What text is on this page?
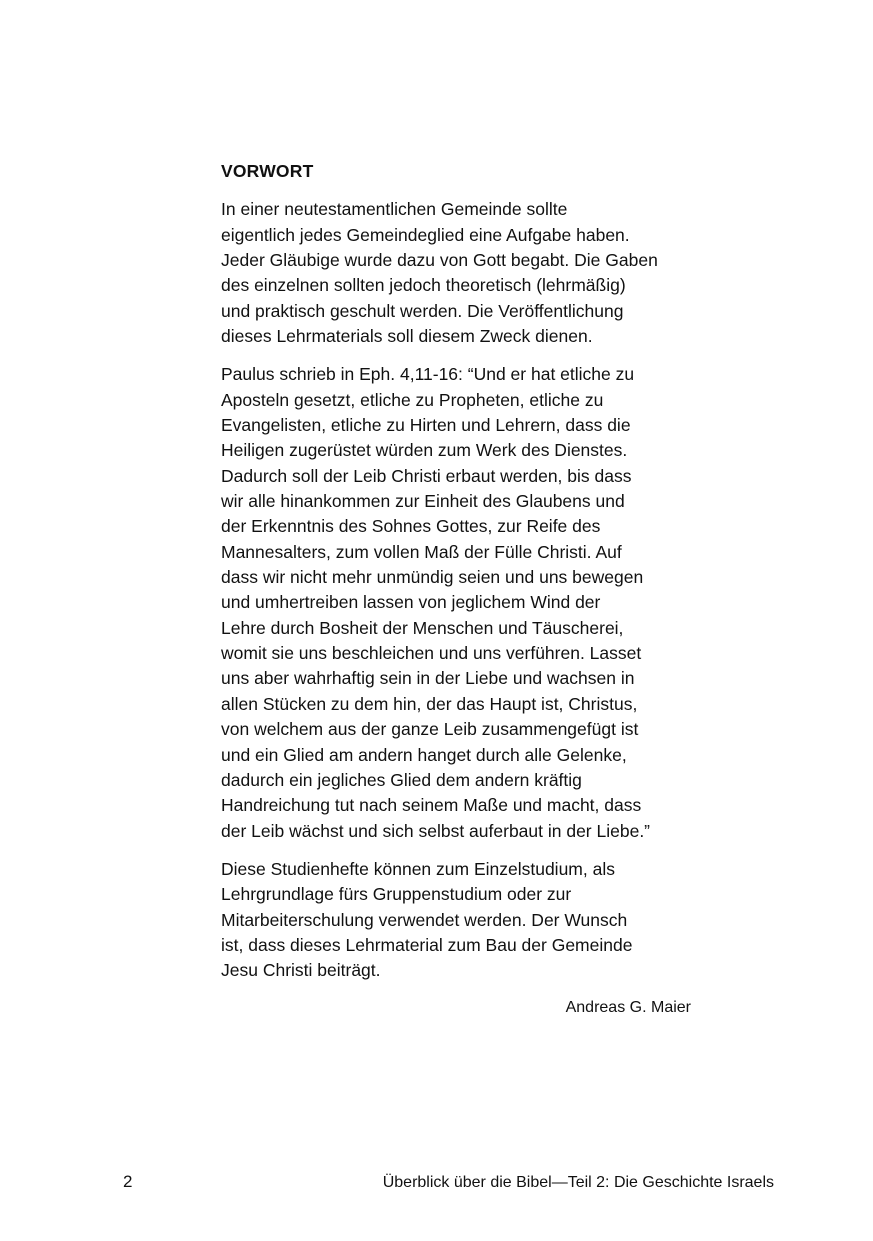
VORWORT

In einer neutestamentlichen Gemeinde sollte
eigentlich jedes Gemeindeglied eine Aufgabe haben.
Jeder Gläubige wurde dazu von Gott begabt. Die Gaben
des einzelnen sollten jedoch theoretisch (lehrmäßig)
und praktisch geschult werden. Die Veröffentlichung
dieses Lehrmaterials soll diesem Zweck dienen.

Paulus schrieb in Eph. 4,11-16: “Und er hat etliche zu
Aposteln gesetzt, etliche zu Propheten, etliche zu
Evangelisten, etliche zu Hirten und Lehrern, dass die
Heiligen zugerüstet würden zum Werk des Dienstes.
Dadurch soll der Leib Christi erbaut werden, bis dass
wir alle hinankommen zur Einheit des Glaubens und
der Erkenntnis des Sohnes Gottes, zur Reife des
Mannesalters, zum vollen Maß der Fülle Christi. Auf
dass wir nicht mehr unmündig seien und uns bewegen
und umhertreiben lassen von jeglichem Wind der
Lehre durch Bosheit der Menschen und Täuscherei,
womit sie uns beschleichen und uns verführen. Lasset
uns aber wahrhaftig sein in der Liebe und wachsen in
allen Stücken zu dem hin, der das Haupt ist, Christus,
von welchem aus der ganze Leib zusammengefügt ist
und ein Glied am andern hanget durch alle Gelenke,
dadurch ein jegliches Glied dem andern kräftig
Handreichung tut nach seinem Maße und macht, dass
der Leib wächst und sich selbst auferbaut in der Liebe.”

Diese Studienhefte können zum Einzelstudium, als
Lehrgrundlage fürs Gruppenstudium oder zur
Mitarbeiterschulung verwendet werden. Der Wunsch
ist, dass dieses Lehrmaterial zum Bau der Gemeinde
Jesu Christi beiträgt.

Andreas G. Maier
2	Überblick über die Bibel—Teil 2: Die Geschichte Israels
